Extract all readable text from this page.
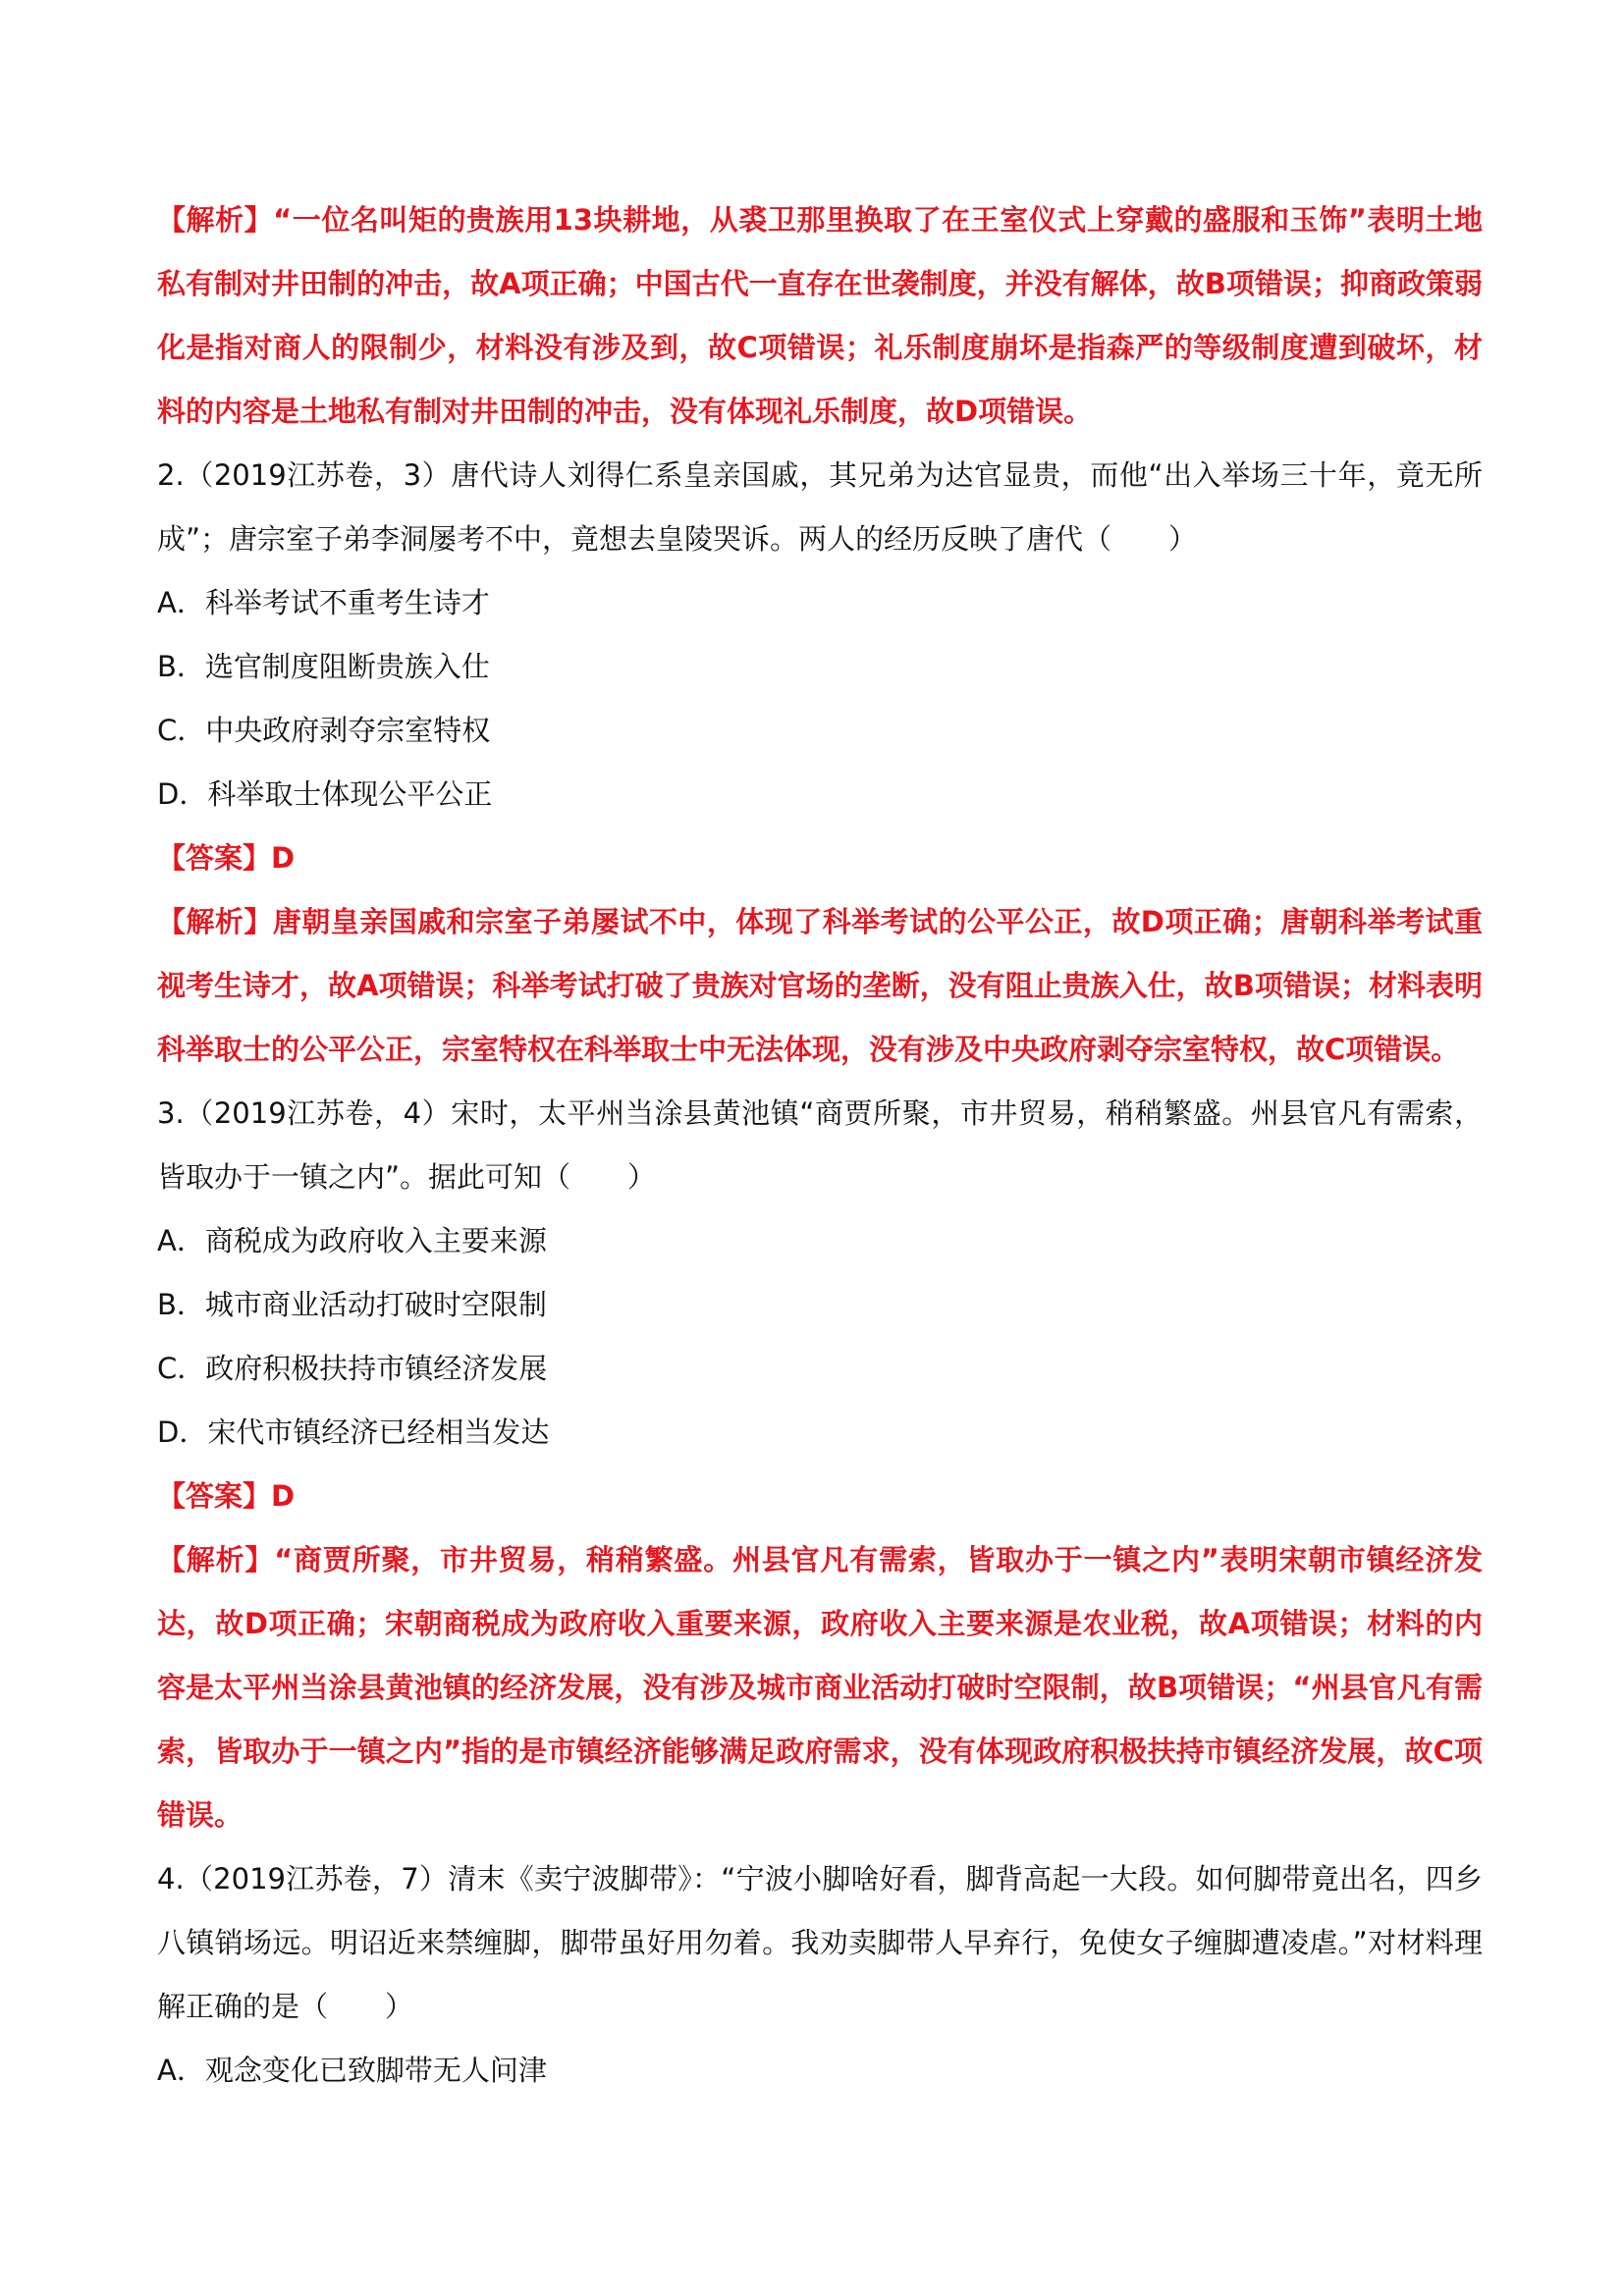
【解析】“一位名叫矩的贵族用13块耕地，从裘卫那里换取了在王室仪式上穿戴的盛服和玉饰”表明土地私有制对井田制的冲击，故A项正确；中国古代一直存在世袭制度，并没有解体，故B项错误；抑商政策弱化是指对商人的限制少，材料没有涉及到，故C项错误；礼乐制度崩坏是指森严的等级制度遭到破坏，材料的内容是土地私有制对井田制的冲击，没有体现礼乐制度，故D项错误。

2.（2019江苏卷，3）唐代诗人刘得仁系皇亲国戚，其兄弟为达官显贵，而他“出入举场三十年，竟无所成”；唐宗室子弟李洞屡考不中，竟想去皇陵哭诉。两人的经历反映了唐代（　　）

A．科举考试不重考生诗才

B．选官制度阻断贵族入仕

C．中央政府剥夺宗室特权

D．科举取士体现公平公正

【答案】D

【解析】唐朝皇亲国戚和宗室子弟屡试不中，体现了科举考试的公平公正，故D项正确；唐朝科举考试重视考生诗才，故A项错误；科举考试打破了贵族对官场的垄断，没有阻止贵族入仕，故B项错误；材料表明科举取士的公平公正，宗室特权在科举取士中无法体现，没有涉及中央政府剥夺宗室特权，故C项错误。

3.（2019江苏卷，4）宋时，太平州当涂县黄池镇“商贾所聚，市井贸易，稍稍繁盛。州县官凡有需索，皆取办于一镇之内”。据此可知（　　）

A．商税成为政府收入主要来源

B．城市商业活动打破时空限制

C．政府积极扶持市镇经济发展

D．宋代市镇经济已经相当发达

【答案】D

【解析】“商贾所聚，市井贸易，稍稍繁盛。州县官凡有需索，皆取办于一镇之内”表明宋朝市镇经济发达，故D项正确；宋朝商税成为政府收入重要来源，政府收入主要来源是农业税，故A项错误；材料的内容是太平州当涂县黄池镇的经济发展，没有涉及城市商业活动打破时空限制，故B项错误；“州县官凡有需索，皆取办于一镇之内”指的是市镇经济能够满足政府需求，没有体现政府积极扶持市镇经济发展，故C项错误。

4.（2019江苏卷，7）清末《卖宁波脚带》：“宁波小脚啥好看，脚背高起一大段。如何脚带竟出名，四乡八镇销场远。明诏近来禁缠脚，脚带虽好用勿着。我劝卖脚带人早弃行，免使女子缠脚遭凌虐。”对材料理解正确的是（　　）

A．观念变化已致脚带无人问津
